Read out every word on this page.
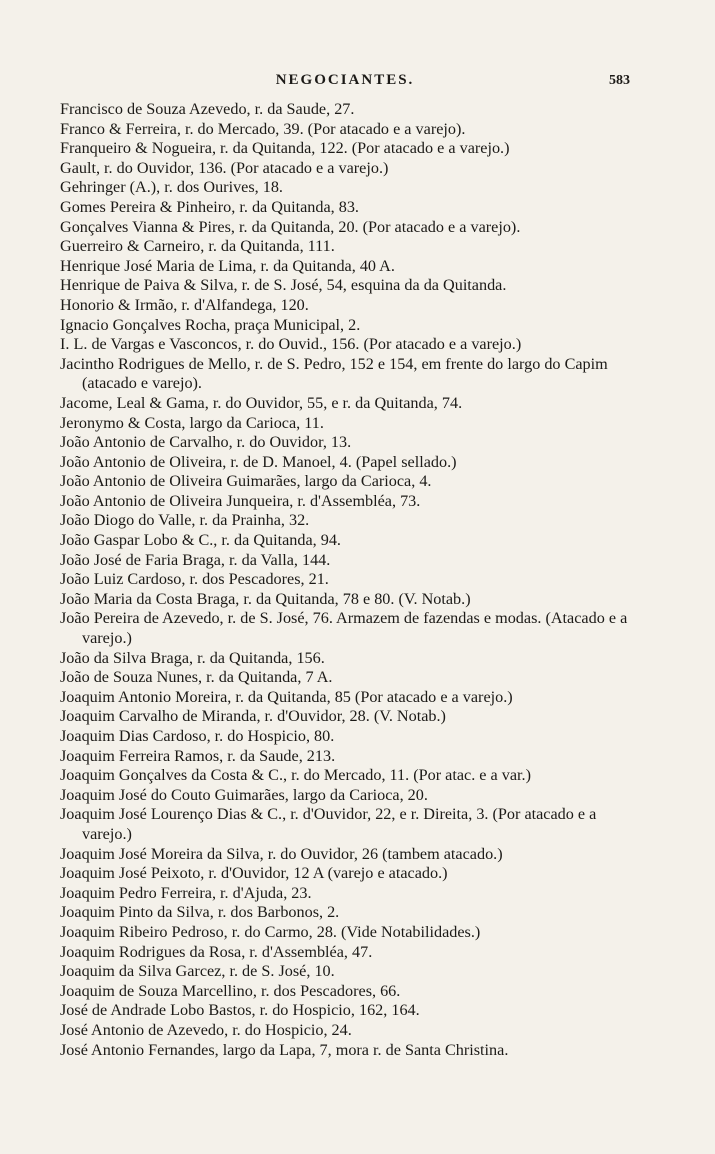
NEGOCIANTES.	583
Francisco de Souza Azevedo, r. da Saude, 27.
Franco & Ferreira, r. do Mercado, 39. (Por atacado e a varejo).
Franqueiro & Nogueira, r. da Quitanda, 122. (Por atacado e a varejo.)
Gault, r. do Ouvidor, 136. (Por atacado e a varejo.)
Gehringer (A.), r. dos Ourives, 18.
Gomes Pereira & Pinheiro, r. da Quitanda, 83.
Gonçalves Vianna & Pires, r. da Quitanda, 20. (Por atacado e a varejo).
Guerreiro & Carneiro, r. da Quitanda, 111.
Henrique José Maria de Lima, r. da Quitanda, 40 A.
Henrique de Paiva & Silva, r. de S. José, 54, esquina da da Quitanda.
Honorio & Irmão, r. d'Alfandega, 120.
Ignacio Gonçalves Rocha, praça Municipal, 2.
I. L. de Vargas e Vasconcos, r. do Ouvid., 156. (Por atacado e a varejo.)
Jacintho Rodrigues de Mello, r. de S. Pedro, 152 e 154, em frente do largo do Capim (atacado e varejo).
Jacome, Leal & Gama, r. do Ouvidor, 55, e r. da Quitanda, 74.
Jeronymo & Costa, largo da Carioca, 11.
João Antonio de Carvalho, r. do Ouvidor, 13.
João Antonio de Oliveira, r. de D. Manoel, 4. (Papel sellado.)
João Antonio de Oliveira Guimarães, largo da Carioca, 4.
João Antonio de Oliveira Junqueira, r. d'Assembléa, 73.
João Diogo do Valle, r. da Prainha, 32.
João Gaspar Lobo & C., r. da Quitanda, 94.
João José de Faria Braga, r. da Valla, 144.
João Luiz Cardoso, r. dos Pescadores, 21.
João Maria da Costa Braga, r. da Quitanda, 78 e 80. (V. Notab.)
João Pereira de Azevedo, r. de S. José, 76. Armazem de fazendas e modas. (Atacado e a varejo.)
João da Silva Braga, r. da Quitanda, 156.
João de Souza Nunes, r. da Quitanda, 7 A.
Joaquim Antonio Moreira, r. da Quitanda, 85 (Por atacado e a varejo.)
Joaquim Carvalho de Miranda, r. d'Ouvidor, 28. (V. Notab.)
Joaquim Dias Cardoso, r. do Hospicio, 80.
Joaquim Ferreira Ramos, r. da Saude, 213.
Joaquim Gonçalves da Costa & C., r. do Mercado, 11. (Por atac. e a var.)
Joaquim José do Couto Guimarães, largo da Carioca, 20.
Joaquim José Lourenço Dias & C., r. d'Ouvidor, 22, e r. Direita, 3. (Por atacado e a varejo.)
Joaquim José Moreira da Silva, r. do Ouvidor, 26 (tambem atacado.)
Joaquim José Peixoto, r. d'Ouvidor, 12 A (varejo e atacado.)
Joaquim Pedro Ferreira, r. d'Ajuda, 23.
Joaquim Pinto da Silva, r. dos Barbonos, 2.
Joaquim Ribeiro Pedroso, r. do Carmo, 28. (Vide Notabilidades.)
Joaquim Rodrigues da Rosa, r. d'Assembléa, 47.
Joaquim da Silva Garcez, r. de S. José, 10.
Joaquim de Souza Marcellino, r. dos Pescadores, 66.
José de Andrade Lobo Bastos, r. do Hospicio, 162, 164.
José Antonio de Azevedo, r. do Hospicio, 24.
José Antonio Fernandes, largo da Lapa, 7, mora r. de Santa Christina.
